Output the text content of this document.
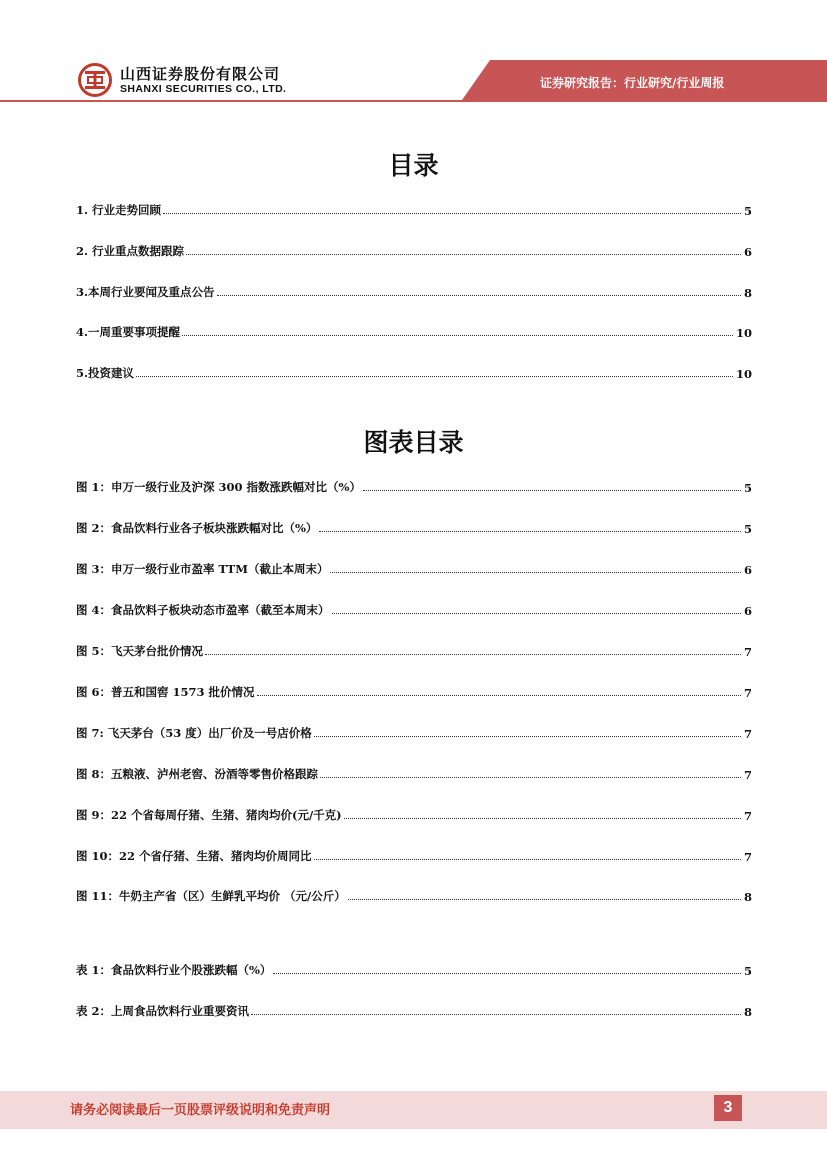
山西证券股份有限公司
SHANXI SECURITIES CO., LTD.	证券研究报告：行业研究/行业周报
目录
1. 行业走势回顾	5
2. 行业重点数据跟踪	6
3.本周行业要闻及重点公告	8
4.一周重要事项提醒	10
5.投资建议	10
图表目录
图 1：申万一级行业及沪深 300 指数涨跌幅对比（%）	5
图 2：食品饮料行业各子板块涨跌幅对比（%）	5
图 3：申万一级行业市盈率 TTM（截止本周末）	6
图 4：食品饮料子板块动态市盈率（截至本周末）	6
图 5：飞天茅台批价情况	7
图 6：普五和国窖 1573 批价情况	7
图 7: 飞天茅台（53 度）出厂价及一号店价格	7
图 8：五粮液、泸州老窖、汾酒等零售价格跟踪	7
图 9：22 个省每周仔猪、生猪、猪肉均价(元/千克)	7
图 10：22 个省仔猪、生猪、猪肉均价周同比	7
图 11：牛奶主产省（区）生鲜乳平均价 （元/公斤）	8
表 1：食品饮料行业个股涨跌幅（%）	5
表 2：上周食品饮料行业重要资讯	8
请务必阅读最后一页股票评级说明和免责声明	3
